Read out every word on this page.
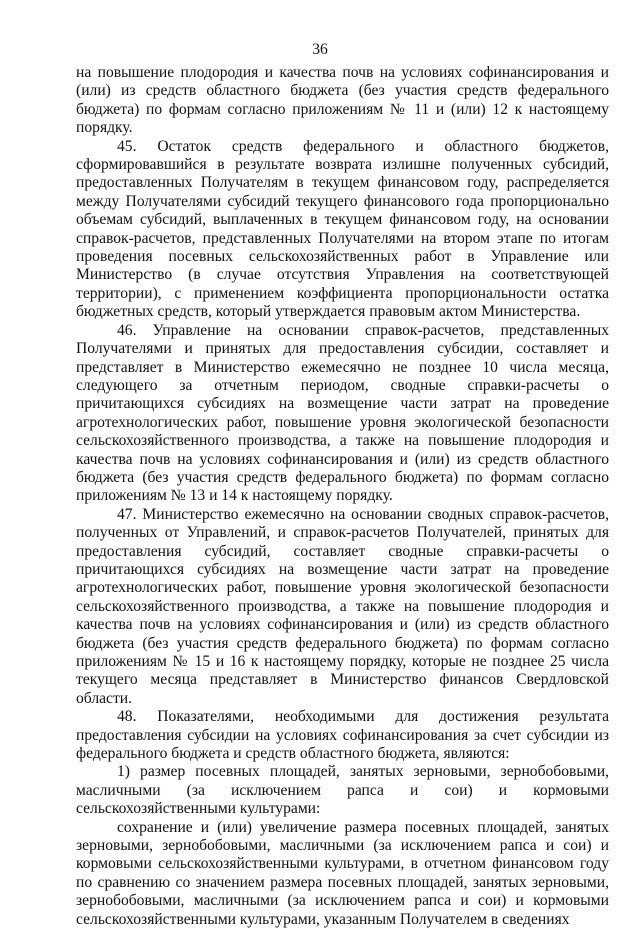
36

на повышение плодородия и качества почв на условиях софинансирования и (или) из средств областного бюджета (без участия средств федерального бюджета) по формам согласно приложениям № 11 и (или) 12 к настоящему порядку.

45. Остаток средств федерального и областного бюджетов, сформировавшийся в результате возврата излишне полученных субсидий, предоставленных Получателям в текущем финансовом году, распределяется между Получателями субсидий текущего финансового года пропорционально объемам субсидий, выплаченных в текущем финансовом году, на основании справок-расчетов, представленных Получателями на втором этапе по итогам проведения посевных сельскохозяйственных работ в Управление или Министерство (в случае отсутствия Управления на соответствующей территории), с применением коэффициента пропорциональности остатка бюджетных средств, который утверждается правовым актом Министерства.

46. Управление на основании справок-расчетов, представленных Получателями и принятых для предоставления субсидии, составляет и представляет в Министерство ежемесячно не позднее 10 числа месяца, следующего за отчетным периодом, сводные справки-расчеты о причитающихся субсидиях на возмещение части затрат на проведение агротехнологических работ, повышение уровня экологической безопасности сельскохозяйственного производства, а также на повышение плодородия и качества почв на условиях софинансирования и (или) из средств областного бюджета (без участия средств федерального бюджета) по формам согласно приложениям № 13 и 14 к настоящему порядку.

47. Министерство ежемесячно на основании сводных справок-расчетов, полученных от Управлений, и справок-расчетов Получателей, принятых для предоставления субсидий, составляет сводные справки-расчеты о причитающихся субсидиях на возмещение части затрат на проведение агротехнологических работ, повышение уровня экологической безопасности сельскохозяйственного производства, а также на повышение плодородия и качества почв на условиях софинансирования и (или) из средств областного бюджета (без участия средств федерального бюджета) по формам согласно приложениям № 15 и 16 к настоящему порядку, которые не позднее 25 числа текущего месяца представляет в Министерство финансов Свердловской области.

48. Показателями, необходимыми для достижения результата предоставления субсидии на условиях софинансирования за счет субсидии из федерального бюджета и средств областного бюджета, являются:

1) размер посевных площадей, занятых зерновыми, зернобобовыми, масличными (за исключением рапса и сои) и кормовыми сельскохозяйственными культурами:

сохранение и (или) увеличение размера посевных площадей, занятых зерновыми, зернобобовыми, масличными (за исключением рапса и сои) и кормовыми сельскохозяйственными культурами, в отчетном финансовом году по сравнению со значением размера посевных площадей, занятых зерновыми, зернобобовыми, масличными (за исключением рапса и сои) и кормовыми сельскохозяйственными культурами, указанным Получателем в сведениях
